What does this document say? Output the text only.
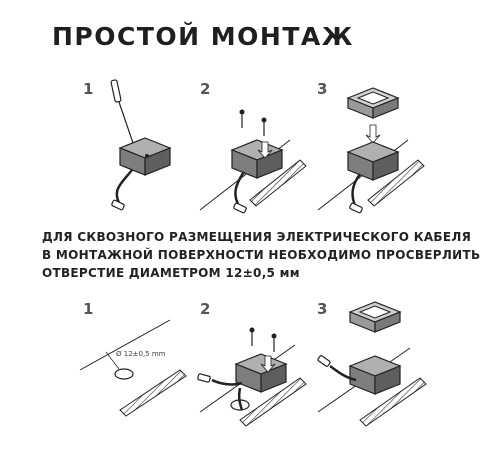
ПРОСТОЙ МОНТАЖ
1	2	3
1	2	3
ДЛЯ СКВОЗНОГО РАЗМЕЩЕНИЯ ЭЛЕКТРИЧЕСКОГО КАБЕЛЯ
В МОНТАЖНОЙ ПОВЕРХНОСТИ НЕОБХОДИМО ПРОСВЕРЛИТЬ
ОТВЕРСТИЕ ДИАМЕТРОМ 12±0,5 мм
Ø 12±0,5 mm
